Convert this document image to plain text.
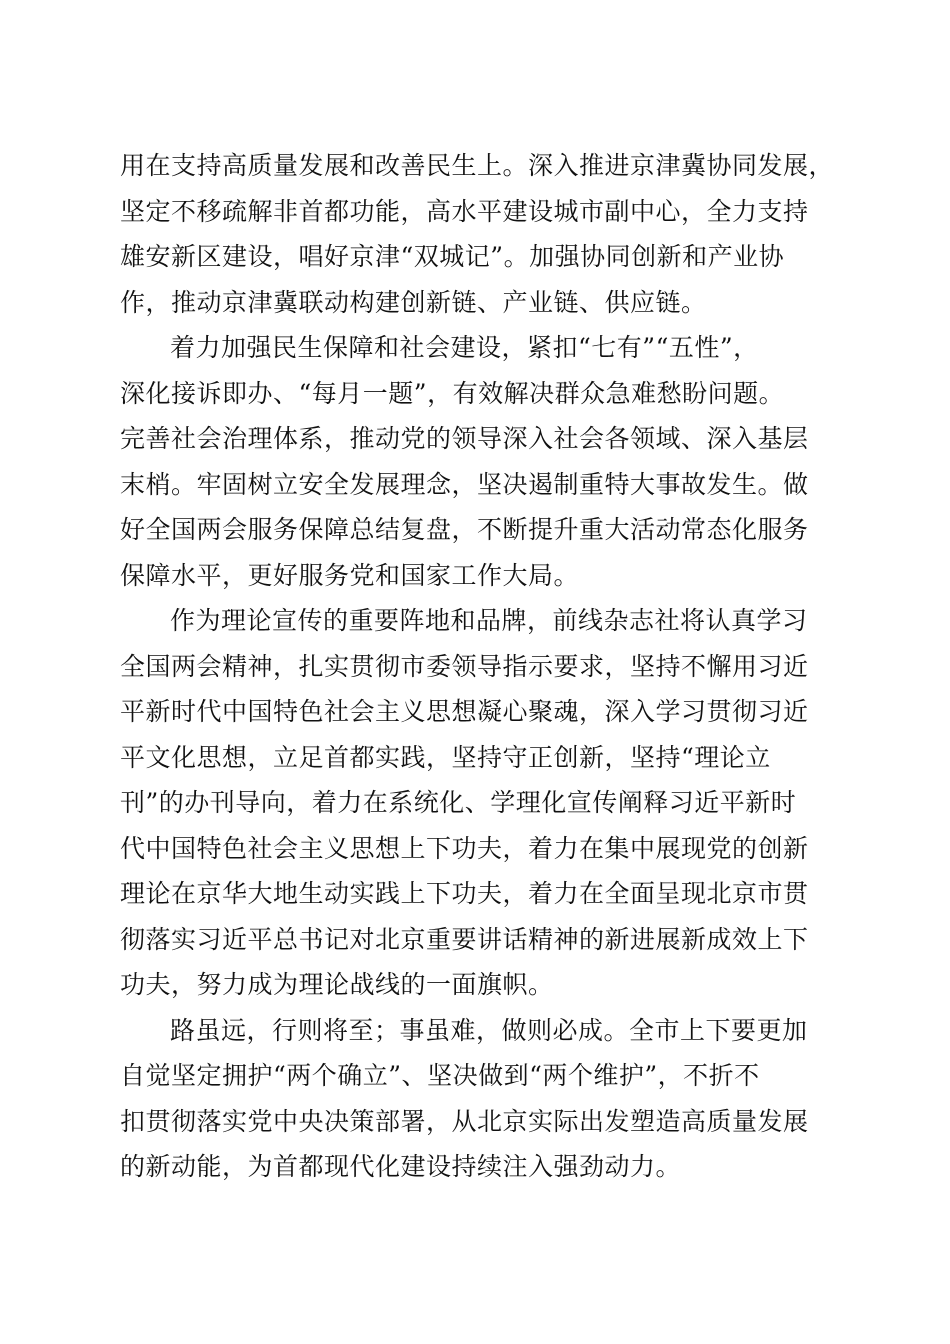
用在支持高质量发展和改善民生上。深入推进京津冀协同发展，
坚定不移疏解非首都功能，高水平建设城市副中心，全力支持
雄安新区建设，唱好京津“双城记”。加强协同创新和产业协
作，推动京津冀联动构建创新链、产业链、供应链。
着力加强民生保障和社会建设，紧扣“七有”“五性”，
深化接诉即办、“每月一题”，有效解决群众急难愁盼问题。
完善社会治理体系，推动党的领导深入社会各领域、深入基层
末梢。牢固树立安全发展理念，坚决遏制重特大事故发生。做
好全国两会服务保障总结复盘，不断提升重大活动常态化服务
保障水平，更好服务党和国家工作大局。
作为理论宣传的重要阵地和品牌，前线杂志社将认真学习
全国两会精神，扎实贯彻市委领导指示要求，坚持不懈用习近
平新时代中国特色社会主义思想凝心聚魂，深入学习贯彻习近
平文化思想，立足首都实践，坚持守正创新，坚持“理论立
刊”的办刊导向，着力在系统化、学理化宣传阐释习近平新时
代中国特色社会主义思想上下功夫，着力在集中展现党的创新
理论在京华大地生动实践上下功夫，着力在全面呈现北京市贯
彻落实习近平总书记对北京重要讲话精神的新进展新成效上下
功夫，努力成为理论战线的一面旗帜。
路虽远，行则将至；事虽难，做则必成。全市上下要更加
自觉坚定拥护“两个确立”、坚决做到“两个维护”，不折不
扣贯彻落实党中央决策部署，从北京实际出发塑造高质量发展
的新动能，为首都现代化建设持续注入强劲动力。
